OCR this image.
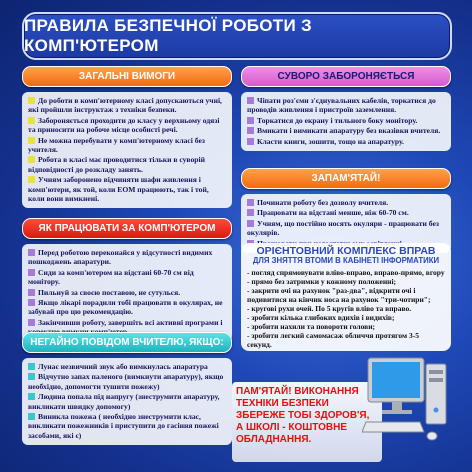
ПРАВИЛА БЕЗПЕЧНОЇ РОБОТИ З КОМП'ЮТЕРОМ
ЗАГАЛЬНІ ВИМОГИ
До роботи в комп'ютерному класі допускаються учні, які пройшли інструктаж з техніки безпеки.
Забороняється проходити до класу у верхньому одязі та приносити на робоче місце особисті речі.
Не можна перебувати у комп'ютерному класі без учителя.
Робота в класі має проводитися тільки в суворій відповідності до розкладу занять.
Учням заборонено відчиняти шафи живлення і комп'ютери, як той, коли ЕОМ працюють, так і той, коли вони вимкнені.
ЯК ПРАЦЮВАТИ ЗА КОМП'ЮТЕРОМ
Перед роботою переконайся у відсутності видимих пошкоджень апаратури.
Сиди за комп'ютером на відстані 60-70 см від монітору.
Пильнуй за своєю поставою, не сутулься.
Якщо лікарі порадили тобі працювати в окулярах, не забувай про цю рекомендацію.
Закінчивши роботу, завершіть всі активні програми і
НЕГАЙНО ПОВІДОМ ВЧИТЕЛЮ, ЯКЩО:
Лунає незвичний звук або вимкнулась апаратура
Відчутно запах паленого (вимкнути апаратуру), якщо необхідно, допомогти тушити пожежу)
Людина попала під напругу (знеструмити апаратуру, викликати швидку допомогу)
Виникла пожежа ( необхідно знеструмити клас, викликати пожежників і приступити до гасіння пожежі засобами, які є)
СУВОРО ЗАБОРОНЯЄТЬСЯ
Чіпати роз'єми з'єднувальних кабелів, торкатися до проводів живлення і пристроїв заземлення.
Торкатися до екрану і тильного боку монітору.
Вмикати і вимикати апаратуру без вказівки вчителя.
Класти книги, зошити, тощо на апаратуру.
ЗАПАМ'ЯТАЙ!
Починати роботу без дозволу вчителя.
Працювати на відстані менше, ніж 60-70 см.
Учням, що постійно носять окуляри - працювати без окулярів.
ОРІЄНТОВНИЙ КОМПЛЕКС ВПРАВ
ДЛЯ ЗНЯТТЯ ВТОМИ В КАБІНЕТІ ІНФОРМАТИКИ
- погляд спрямовувати вліво-вправо, вправо-прямо, вгору - прямо без затримки у кожному положенні;
- закрити очі на рахунок "раз-два", відкрити очі і подивитися на кінчик носа на рахунок "три-чотири";
- кругові рухи очей. По 5 кругів вліво та вправо.
- зробити кілька глибоких вдихів і видихів;
- зробити нахили та повороти голови;
- зробити легкий самомасаж обличчя протягом 3-5 секунд.
ПАМ'ЯТАЙ! ВИКОНАННЯ ТЕХНІКИ БЕЗПЕКИ ЗБЕРЕЖЕ ТОБІ ЗДОРОВ'Я, А ШКОЛІ - КОШТОВНЕ ОБЛАДНАННЯ.
